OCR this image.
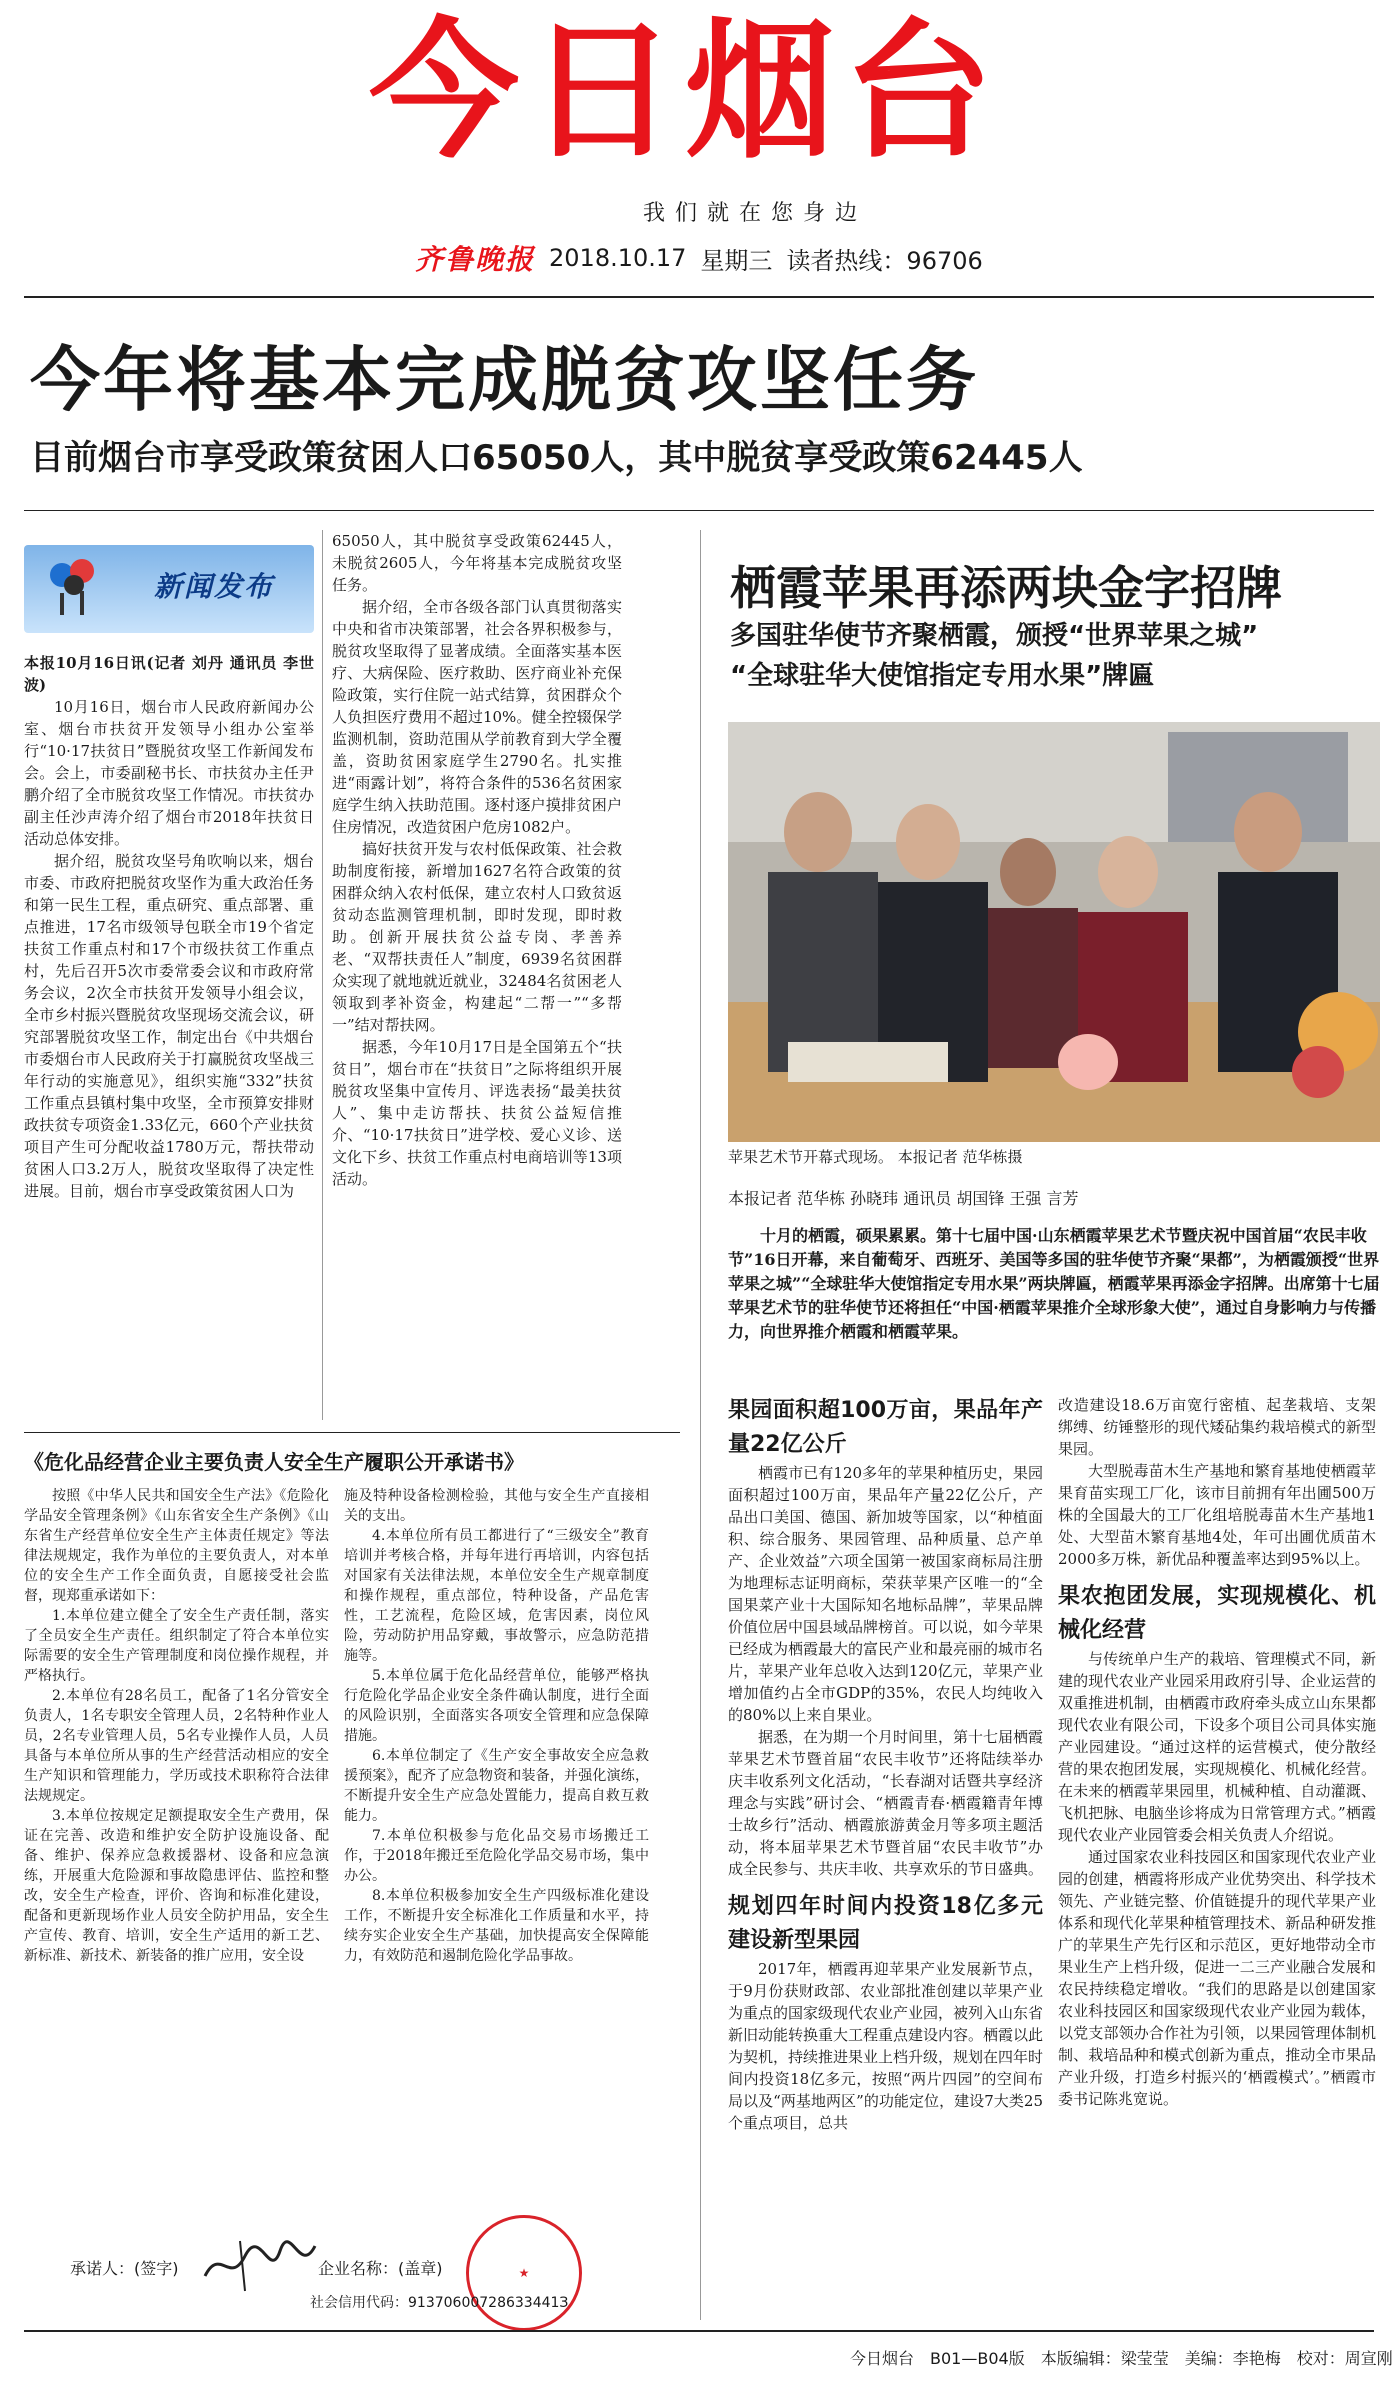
今日烟台
我们就在您身边
齐鲁晚报 2018.10.17 星期三 读者热线：96706
今年将基本完成脱贫攻坚任务
目前烟台市享受政策贫困人口65050人，其中脱贫享受政策62445人
新闻发布

本报10月16日讯(记者 刘丹 通讯员 李世波)

10月16日，烟台市人民政府新闻办公室、烟台市扶贫开发领导小组办公室举行“10·17扶贫日”暨脱贫攻坚工作新闻发布会。会上，市委副秘书长、市扶贫办主任尹鹏介绍了全市脱贫攻坚工作情况。市扶贫办副主任沙声涛介绍了烟台市2018年扶贫日活动总体安排。

据介绍，脱贫攻坚号角吹响以来，烟台市委、市政府把脱贫攻坚作为重大政治任务和第一民生工程，重点研究、重点部署、重点推进，17名市级领导包联全市19个省定扶贫工作重点村和17个市级扶贫工作重点村，先后召开5次市委常委会议和市政府常务会议，2次全市扶贫开发领导小组会议，全市乡村振兴暨脱贫攻坚现场交流会议，研究部署脱贫攻坚工作，制定出台《中共烟台市委烟台市人民政府关于打赢脱贫攻坚战三年行动的实施意见》，组织实施“332”扶贫工作重点县镇村集中攻坚，全市预算安排财政扶贫专项资金1.33亿元，660个产业扶贫项目产生可分配收益1780万元，帮扶带动贫困人口3.2万人，脱贫攻坚取得了决定性进展。目前，烟台市享受政策贫困人口为

65050人，其中脱贫享受政策62445人，未脱贫2605人，今年将基本完成脱贫攻坚任务。

据介绍，全市各级各部门认真贯彻落实中央和省市决策部署，社会各界积极参与，脱贫攻坚取得了显著成绩。全面落实基本医疗、大病保险、医疗救助、医疗商业补充保险政策，实行住院一站式结算，贫困群众个人负担医疗费用不超过10%。健全控辍保学监测机制，资助范围从学前教育到大学全覆盖，资助贫困家庭学生2790名。扎实推进“雨露计划”，将符合条件的536名贫困家庭学生纳入扶助范围。逐村逐户摸排贫困户住房情况，改造贫困户危房1082户。

搞好扶贫开发与农村低保政策、社会救助制度衔接，新增加1627名符合政策的贫困群众纳入农村低保，建立农村人口致贫返贫动态监测管理机制，即时发现，即时救助。创新开展扶贫公益专岗、孝善养老、“双帮扶责任人”制度，6939名贫困群众实现了就地就近就业，32484名贫困老人领取到孝补资金，构建起“二帮一”“多帮一”结对帮扶网。

据悉，今年10月17日是全国第五个“扶贫日”，烟台市在“扶贫日”之际将组织开展脱贫攻坚集中宣传月、评选表扬“最美扶贫人”、集中走访帮扶、扶贫公益短信推介、“10·17扶贫日”进学校、爱心义诊、送文化下乡、扶贫工作重点村电商培训等13项活动。

栖霞苹果再添两块金字招牌
多国驻华使节齐聚栖霞，颁授“世界苹果之城”
“全球驻华大使馆指定专用水果”牌匾
苹果艺术节开幕式现场。 本报记者 范华栋摄
本报记者 范华栋 孙晓玮 通讯员 胡国锋 王强 言芳

十月的栖霞，硕果累累。第十七届中国·山东栖霞苹果艺术节暨庆祝中国首届“农民丰收节”16日开幕，来自葡萄牙、西班牙、美国等多国的驻华使节齐聚“果都”，为栖霞颁授“世界苹果之城”“全球驻华大使馆指定专用水果”两块牌匾，栖霞苹果再添金字招牌。出席第十七届苹果艺术节的驻华使节还将担任“中国·栖霞苹果推介全球形象大使”，通过自身影响力与传播力，向世界推介栖霞和栖霞苹果。

果园面积超100万亩，果品年产量22亿公斤

栖霞市已有120多年的苹果种植历史，果园面积超过100万亩，果品年产量22亿公斤，产品出口美国、德国、新加坡等国家，以“种植面积、综合服务、果园管理、品种质量、总产单产、企业效益”六项全国第一被国家商标局注册为地理标志证明商标，荣获苹果产区唯一的“全国果菜产业十大国际知名地标品牌”，苹果品牌价值位居中国县域品牌榜首。可以说，如今苹果已经成为栖霞最大的富民产业和最亮丽的城市名片，苹果产业年总收入达到120亿元，苹果产业增加值约占全市GDP的35%，农民人均纯收入的80%以上来自果业。

据悉，在为期一个月时间里，第十七届栖霞苹果艺术节暨首届“农民丰收节”还将陆续举办庆丰收系列文化活动，“长春湖对话暨共享经济理念与实践”研讨会、“栖霞青春·栖霞籍青年博士故乡行”活动、栖霞旅游黄金月等多项主题活动，将本届苹果艺术节暨首届“农民丰收节”办成全民参与、共庆丰收、共享欢乐的节日盛典。

规划四年时间内投资18亿多元建设新型果园

2017年，栖霞再迎苹果产业发展新节点，于9月份获财政部、农业部批准创建以苹果产业为重点的国家级现代农业产业园，被列入山东省新旧动能转换重大工程重点建设内容。栖霞以此为契机，持续推进果业上档升级，规划在四年时间内投资18亿多元，按照“两片四园”的空间布局以及“两基地两区”的功能定位，建设7大类25个重点项目，总共

改造建设18.6万亩宽行密植、起垄栽培、支架绑缚、纺锤整形的现代矮砧集约栽培模式的新型果园。

大型脱毒苗木生产基地和繁育基地使栖霞苹果育苗实现工厂化，该市目前拥有年出圃500万株的全国最大的工厂化组培脱毒苗木生产基地1处、大型苗木繁育基地4处，年可出圃优质苗木2000多万株，新优品种覆盖率达到95%以上。

果农抱团发展，实现规模化、机械化经营

与传统单户生产的栽培、管理模式不同，新建的现代农业产业园采用政府引导、企业运营的双重推进机制，由栖霞市政府牵头成立山东果都现代农业有限公司，下设多个项目公司具体实施产业园建设。“通过这样的运营模式，使分散经营的果农抱团发展，实现规模化、机械化经营。在未来的栖霞苹果园里，机械种植、自动灌溉、飞机把脉、电脑坐诊将成为日常管理方式。”栖霞现代农业产业园管委会相关负责人介绍说。

通过国家农业科技园区和国家现代农业产业园的创建，栖霞将形成产业优势突出、科学技术领先、产业链完整、价值链提升的现代苹果产业体系和现代化苹果种植管理技术、新品种研发推广的苹果生产先行区和示范区，更好地带动全市果业生产上档升级，促进一二三产业融合发展和农民持续稳定增收。“我们的思路是以创建国家农业科技园区和国家级现代农业产业园为载体，以党支部领办合作社为引领，以果园管理体制机制、栽培品种和模式创新为重点，推动全市果品产业升级，打造乡村振兴的‘栖霞模式’。”栖霞市委书记陈兆宽说。

《危化品经营企业主要负责人安全生产履职公开承诺书》

按照《中华人民共和国安全生产法》《危险化学品安全管理条例》《山东省安全生产条例》《山东省生产经营单位安全生产主体责任规定》等法律法规规定，我作为单位的主要负责人，对本单位的安全生产工作全面负责，自愿接受社会监督，现郑重承诺如下：

1.本单位建立健全了安全生产责任制，落实了全员安全生产责任。组织制定了符合本单位实际需要的安全生产管理制度和岗位操作规程，并严格执行。

2.本单位有28名员工，配备了1名分管安全负责人，1名专职安全管理人员，2名特种作业人员，2名专业管理人员，5名专业操作人员，人员具备与本单位所从事的生产经营活动相应的安全生产知识和管理能力，学历或技术职称符合法律法规规定。

3.本单位按规定足额提取安全生产费用，保证在完善、改造和维护安全防护设施设备、配备、维护、保养应急救援器材、设备和应急演练，开展重大危险源和事故隐患评估、监控和整改，安全生产检查，评价、咨询和标准化建设，配备和更新现场作业人员安全防护用品，安全生产宣传、教育、培训，安全生产适用的新工艺、新标准、新技术、新装备的推广应用，安全设

施及特种设备检测检验，其他与安全生产直接相关的支出。

4.本单位所有员工都进行了“三级安全”教育培训并考核合格，并每年进行再培训，内容包括对国家有关法律法规，本单位安全生产规章制度和操作规程，重点部位，特种设备，产品危害性，工艺流程，危险区域，危害因素，岗位风险，劳动防护用品穿戴，事故警示，应急防范措施等。

5.本单位属于危化品经营单位，能够严格执行危险化学品企业安全条件确认制度，进行全面的风险识别，全面落实各项安全管理和应急保障措施。

6.本单位制定了《生产安全事故安全应急救援预案》，配齐了应急物资和装备，并强化演练，不断提升安全生产应急处置能力，提高自救互救能力。

7.本单位积极参与危化品交易市场搬迁工作，于2018年搬迁至危险化学品交易市场，集中办公。

8.本单位积极参加安全生产四级标准化建设工作，不断提升安全标准化工作质量和水平，持续夯实企业安全生产基础，加快提高安全保障能力，有效防范和遏制危险化学品事故。

承诺人：(签字)	★
企业名称：(盖章)
社会信用代码：91370600728633441З
今日烟台 B01—B04版 本版编辑：梁莹莹 美编：李艳梅 校对：周宣刚
